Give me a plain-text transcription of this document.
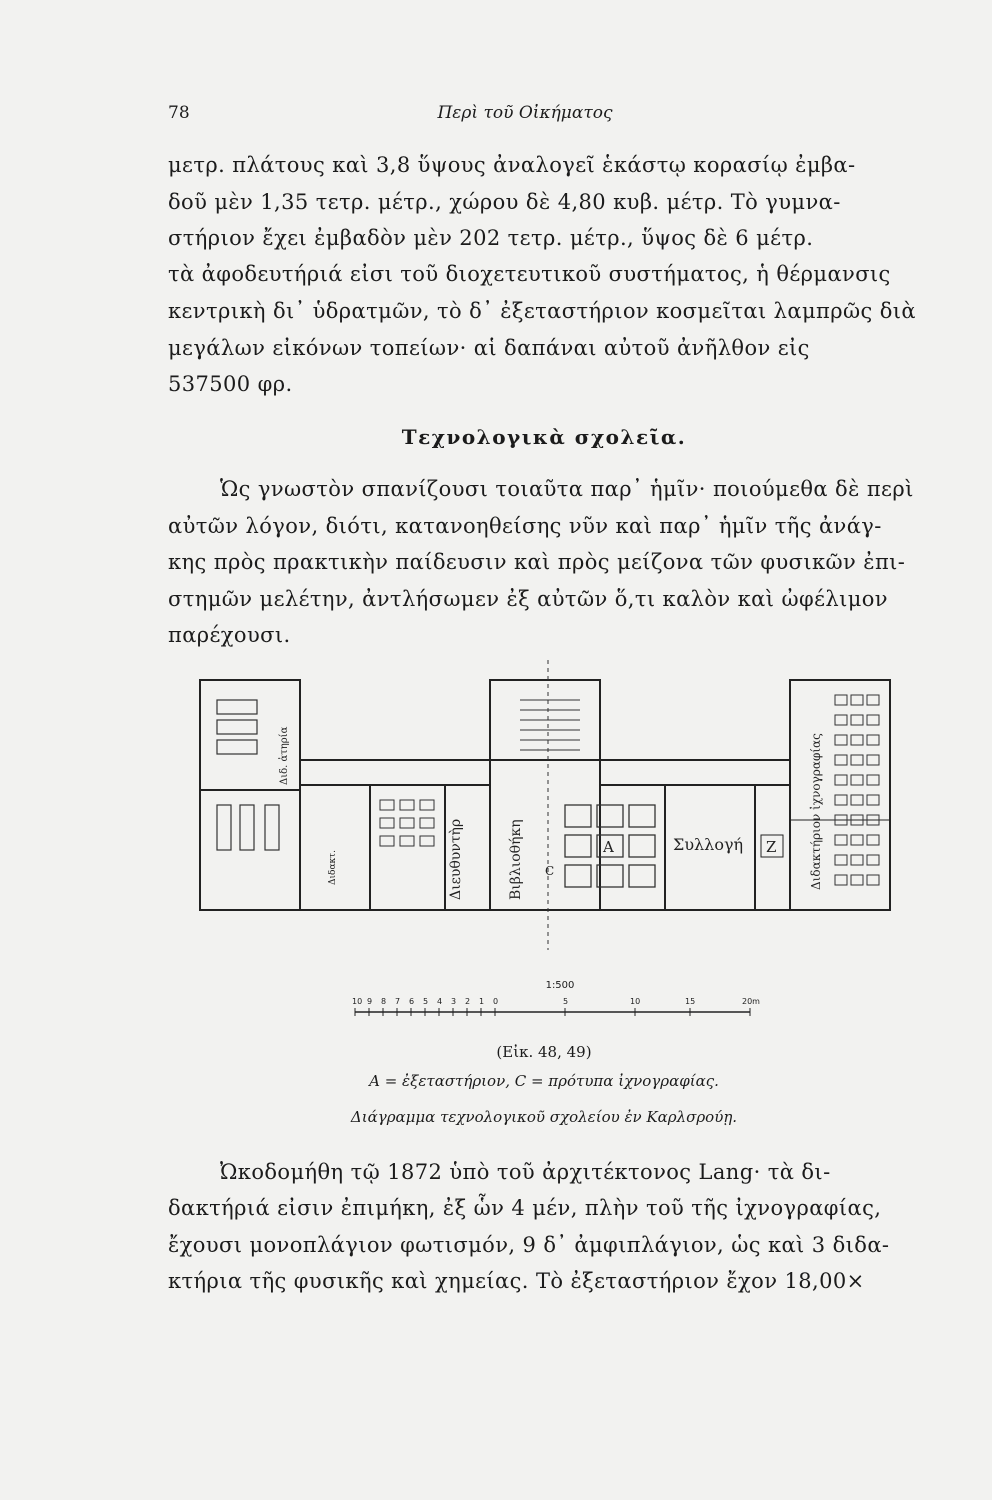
78	Περὶ τοῦ Οἰκήματος
μετρ. πλάτους καὶ 3,8 ὕψους ἀναλογεῖ ἑκάστῳ κορασίῳ ἐμβα-
δοῦ μὲν 1,35 τετρ. μέτρ., χώρου δὲ 4,80 κυβ. μέτρ. Τὸ γυμνα-
στήριον ἔχει ἐμβαδὸν μὲν 202 τετρ. μέτρ., ὕψος δὲ 6 μέτρ.
τὰ ἀφοδευτήριά εἰσι τοῦ διοχετευτικοῦ συστήματος, ἡ θέρμανσις
κεντρικὴ δι᾽ ὑδρατμῶν, τὸ δ᾽ ἐξεταστήριον κοσμεῖται λαμπρῶς διὰ
μεγάλων εἰκόνων τοπείων· αἱ δαπάναι αὐτοῦ ἀνῆλθον εἰς
537500 φρ.
Τεχνολογικὰ σχολεῖα.
Ὡς γνωστὸν σπανίζουσι τοιαῦτα παρ᾽ ἡμῖν· ποιούμεθα δὲ περὶ
αὐτῶν λόγον, διότι, κατανοηθείσης νῦν καὶ παρ᾽ ἡμῖν τῆς ἀνάγ-
κης πρὸς πρακτικὴν παίδευσιν καὶ πρὸς μείζονα τῶν φυσικῶν ἐπι-
στημῶν μελέτην, ἀντλήσωμεν ἐξ αὐτῶν ὅ,τι καλὸν καὶ ὠφέλιμον
παρέχουσι.
Διευθυντὴρ	Βιβλιοθήκη	Συλλογή
A	Z	Διδακτήριον ἰχνογραφίας
Διδ. ἀτηρία
Διδακτ.	C
1:500
10 9 8 7 6 5 4 3 2 1 0	5	10	15	20m
(Εἰκ. 48, 49)
A = ἐξεταστήριον, C = πρότυπα ἰχνογραφίας.
Διάγραμμα τεχνολογικοῦ σχολείου ἐν Καρλσρούῃ.
Ὠκοδομήθη τῷ 1872 ὑπὸ τοῦ ἀρχιτέκτονος Lang· τὰ δι-
δακτήριά εἰσιν ἐπιμήκη, ἐξ ὧν 4 μέν, πλὴν τοῦ τῆς ἰχνογραφίας,
ἔχουσι μονοπλάγιον φωτισμόν, 9 δ᾽ ἀμφιπλάγιον, ὡς καὶ 3 διδα-
κτήρια τῆς φυσικῆς καὶ χημείας. Τὸ ἐξεταστήριον ἔχον 18,00×
